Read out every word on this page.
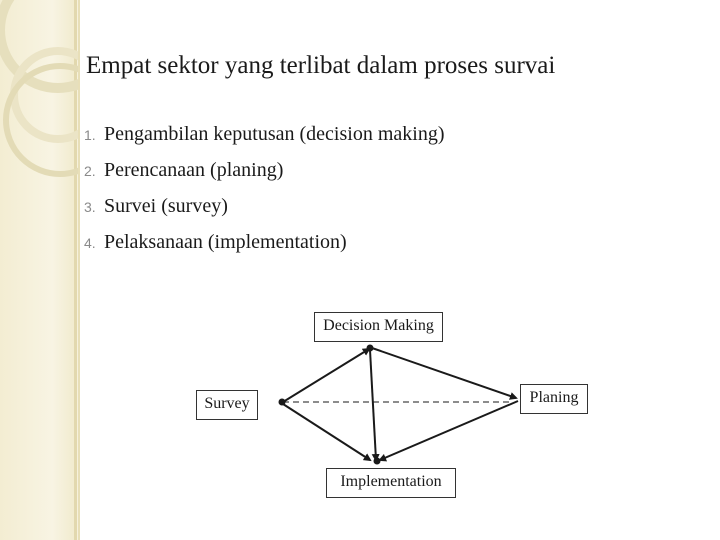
Empat sektor yang terlibat dalam proses survai
1. Pengambilan keputusan (decision making)
2. Perencanaan (planing)
3. Survei (survey)
4. Pelaksanaan (implementation)
Decision Making
Planing
Survey
Implementation
